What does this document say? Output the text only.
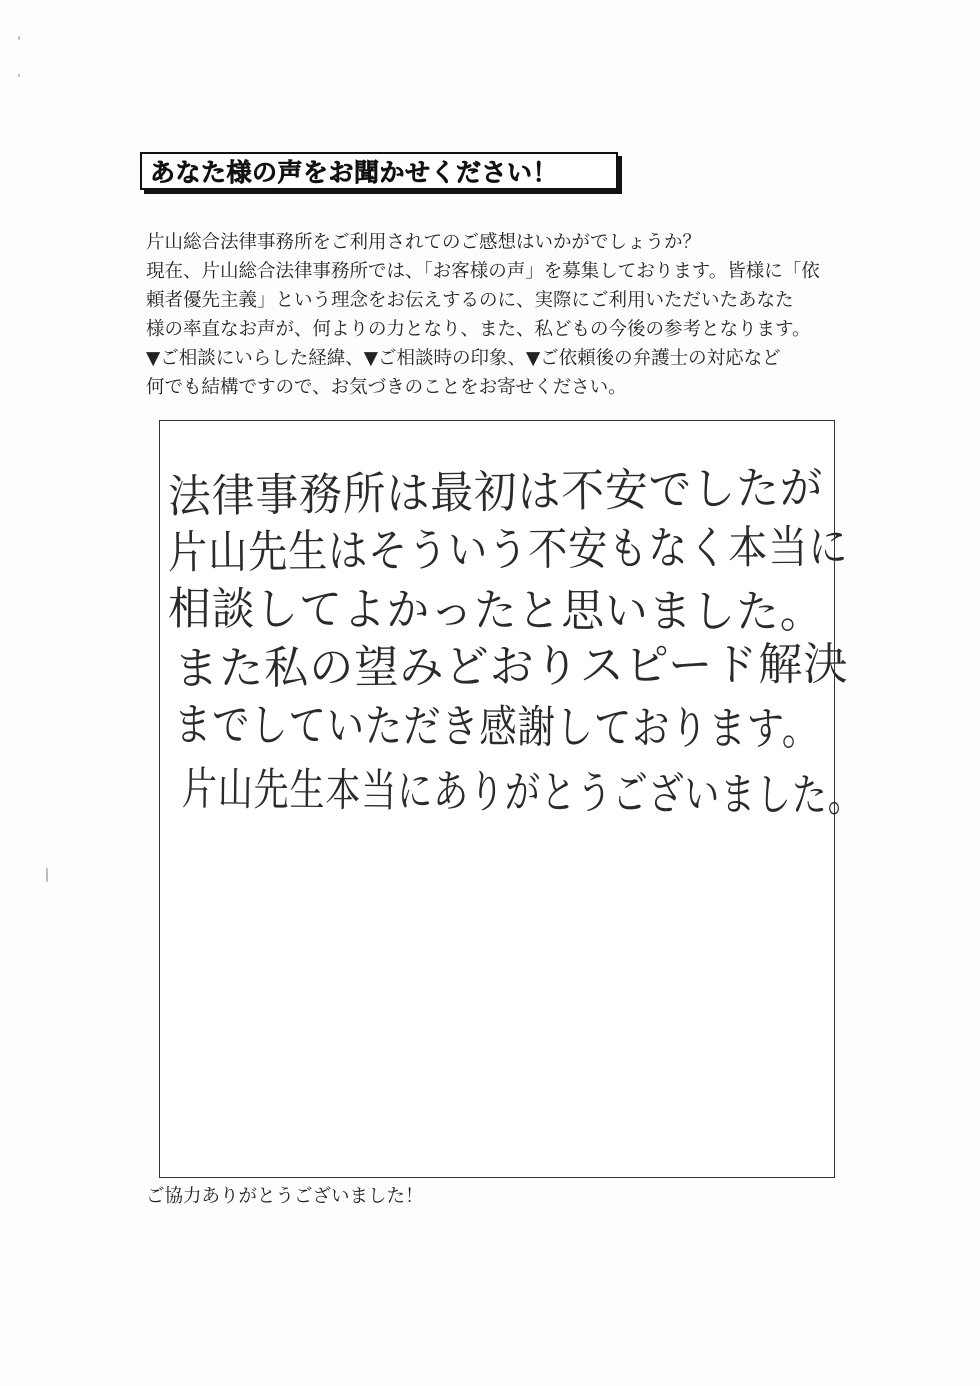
あなた様の声をお聞かせください！
片山総合法律事務所をご利用されてのご感想はいかがでしょうか？
現在、片山総合法律事務所では、「お客様の声」を募集しております。皆様に「依
頼者優先主義」という理念をお伝えするのに、実際にご利用いただいたあなた
様の率直なお声が、何よりの力となり、また、私どもの今後の参考となります。
▼ご相談にいらした経緯、▼ご相談時の印象、▼ご依頼後の弁護士の対応など
何でも結構ですので、お気づきのことをお寄せください。
法律事務所は最初は不安でしたが
片山先生はそういう不安もなく本当に
相談してよかったと思いました。
また私の望みどおりスピード解決
までしていただき感謝しております。
片山先生本当にありがとうございました。
ご協力ありがとうございました！
